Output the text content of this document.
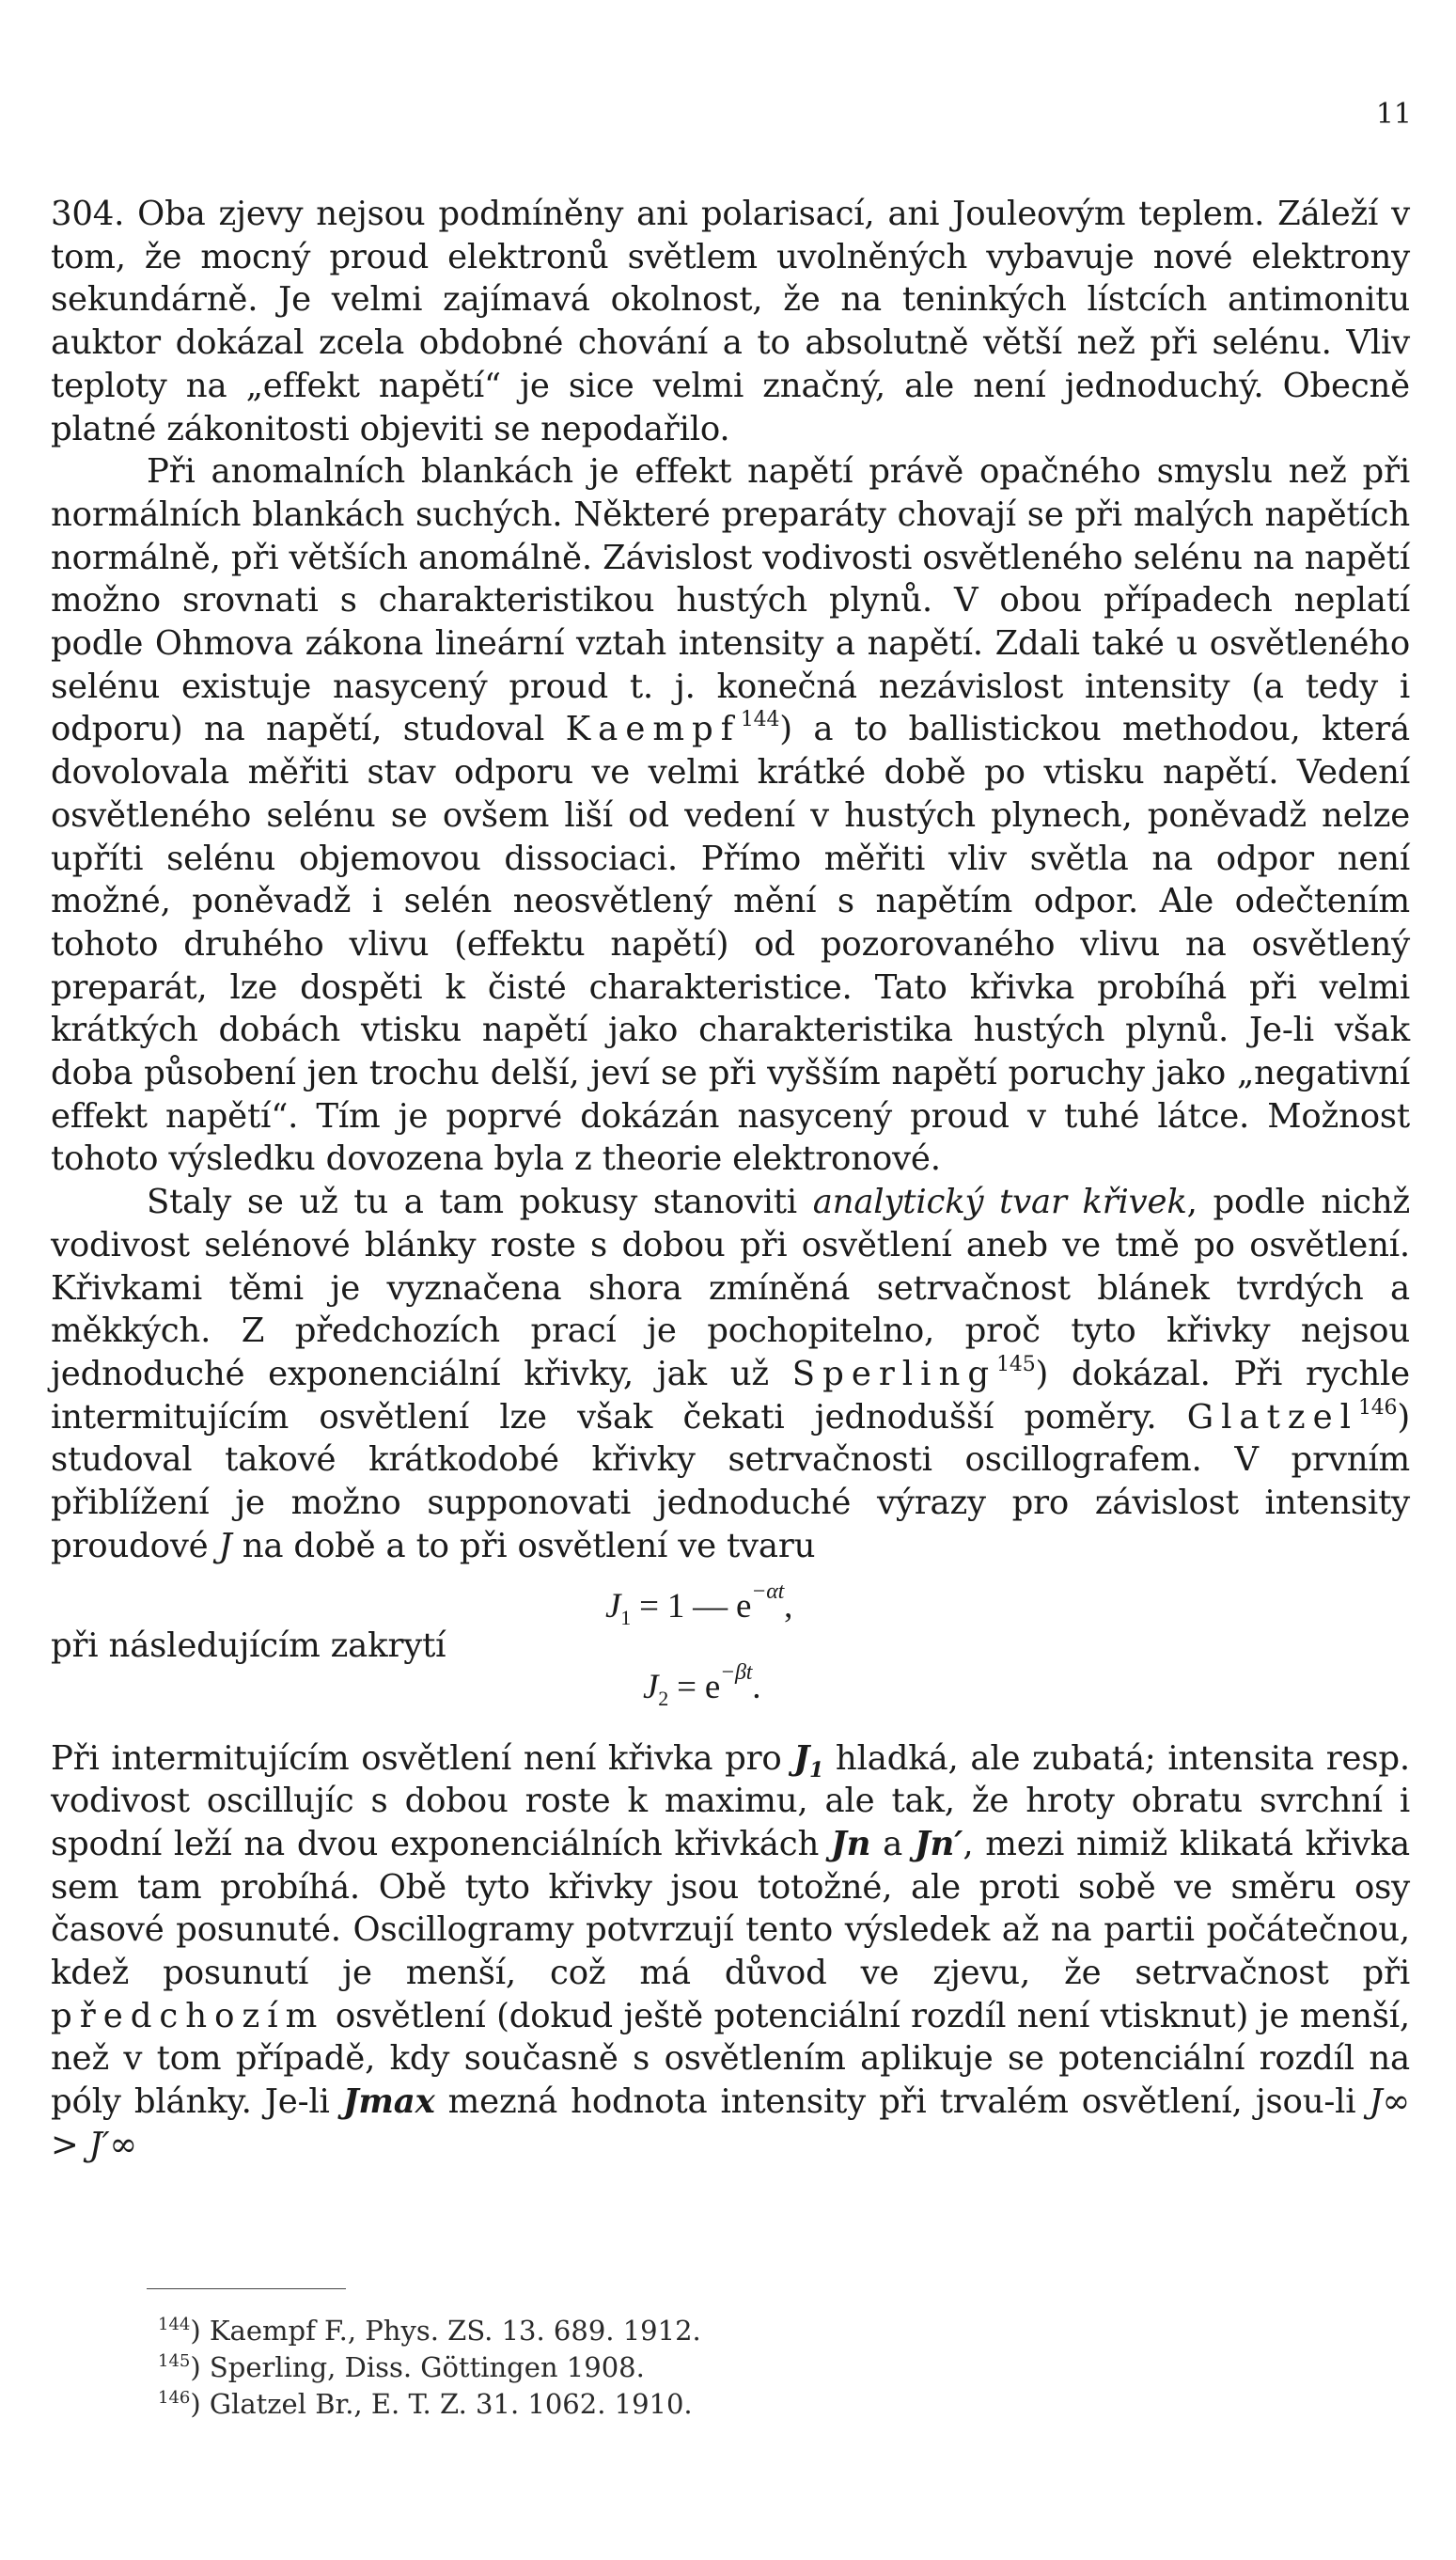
11

304. Oba zjevy nejsou podmíněny ani polarisací, ani Jouleovým teplem. Záleží v tom, že mocný proud elektronů světlem uvolněných vybavuje nové elektrony sekundárně. Je velmi zajímavá okolnost, že na teninkých lístcích antimonitu auktor dokázal zcela obdobné chování a to absolutně větší než při selénu. Vliv teploty na „effekt napětí“ je sice velmi značný, ale není jednoduchý. Obecně platné zákonitosti objeviti se nepodařilo.

Při anomalních blankách je effekt napětí právě opačného smyslu než při normálních blankách suchých. Některé preparáty chovají se při malých napětích normálně, při větších anomálně. Závislost vodivosti osvětleného selénu na napětí možno srovnati s charakteristikou hustých plynů. V obou případech neplatí podle Ohmova zákona lineární vztah intensity a napětí. Zdali také u osvětleného selénu existuje nasycený proud t. j. konečná nezávislost intensity (a tedy i odporu) na napětí, studoval Kaempf$^{144}$) a to ballistickou methodou, která dovolovala měřiti stav odporu ve velmi krátké době po vtisku napětí. Vedení osvětleného selénu se ovšem liší od vedení v hustých plynech, poněvadž nelze upříti selénu objemovou dissociaci. Přímo měřiti vliv světla na odpor není možné, poněvadž i selén neosvětlený mění s napětím odpor. Ale odečtením tohoto druhého vlivu (effektu napětí) od pozorovaného vlivu na osvětlený preparát, lze dospěti k čisté charakteristice. Tato křivka probíhá při velmi krátkých dobách vtisku napětí jako charakteristika hustých plynů. Je-li však doba působení jen trochu delší, jeví se při vyšším napětí poruchy jako „negativní effekt napětí“. Tím je poprvé dokázán nasycený proud v tuhé látce. Možnost tohoto výsledku dovozena byla z theorie elektronové.

Staly se už tu a tam pokusy stanoviti analytický tvar křivek, podle nichž vodivost selénové blánky roste s dobou při osvětlení aneb ve tmě po osvětlení. Křivkami těmi je vyznačena shora zmíněná setrvačnost blánek tvrdých a měkkých. Z předchozích prací je pochopitelno, proč tyto křivky nejsou jednoduché exponenciální křivky, jak už Sperling$^{145}$) dokázal. Při rychle intermitujícím osvětlení lze však čekati jednodušší poměry. Glatzel$^{146}$) studoval takové krátkodobé křivky setrvačnosti oscillografem. V prvním přiblížení je možno supponovati jednoduché výrazy pro závislost intensity proudové J na době a to při osvětlení ve tvaru

$J_1 = 1$ — $e^{-\alpha t}$,
při následujícím zakrytí
$J_2 = e^{-\beta t}$.

Při intermitujícím osvětlení není křivka pro $J_1$ hladká, ale zubatá; intensita resp. vodivost oscillujíc s dobou roste k maximu, ale tak, že hroty obratu svrchní i spodní leží na dvou exponenciálních křivkách Jn a Jn′, mezi nimiž klikatá křivka sem tam probíhá. Obě tyto křivky jsou totožné, ale proti sobě ve směru osy časové posunuté. Oscillogramy potvrzují tento výsledek až na partii počátečnou, kdež posunutí je menší, což má důvod ve zjevu, že setrvačnost při předchozím osvětlení (dokud ještě potenciální rozdíl není vtisknut) je menší, než v tom případě, kdy současně s osvětlením aplikuje se potenciální rozdíl na póly blánky. Je-li Jmax mezná hodnota intensity při trvalém osvětlení, jsou-li J∞ > J′∞

$^{144}$) Kaempf F., Phys. ZS. 13. 689. 1912.
$^{145}$) Sperling, Diss. Göttingen 1908.
$^{146}$) Glatzel Br., E. T. Z. 31. 1062. 1910.
